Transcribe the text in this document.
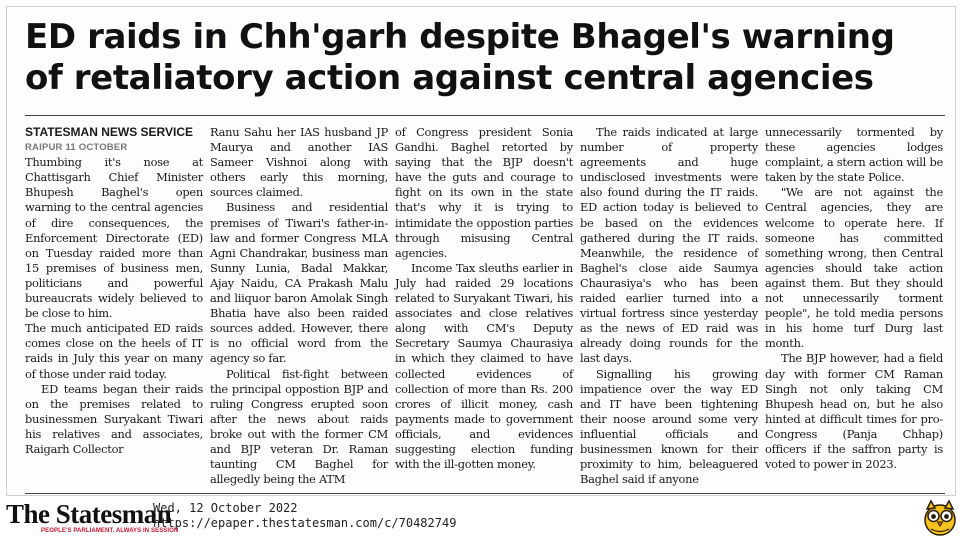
ED raids in Chh'garh despite Bhagel's warning
of retaliatory action against central agencies

STATESMAN NEWS SERVICE

RAIPUR 11 OCTOBER

Thumbing it's nose at Chattisgarh Chief Minister Bhupesh Baghel's open warning to the central agencies of dire consequences, the Enforcement Directorate (ED) on Tuesday raided more than 15 premises of business men, politicians and powerful bureaucrats widely believed to be close to him.

The much anticipated ED raids comes close on the heels of IT raids in July this year on many of those under raid today.

ED teams began their raids on the premises related to businessmen Suryakant Tiwari his relatives and associates, Raigarh Collector

Ranu Sahu her IAS husband JP Maurya and another IAS Sameer Vishnoi along with others early this morning, sources claimed.

Business and residential premises of Tiwari's father-in-law and former Congress MLA Agni Chandrakar, business man Sunny Lunia, Badal Makkar, Ajay Naidu, CA Prakash Malu and liiquor baron Amolak Singh Bhatia have also been raided sources added. However, there is no official word from the agency so far.

Political fist-fight between the principal oppostion BJP and ruling Congress erupted soon after the news about raids broke out with the former CM and BJP veteran Dr. Raman taunting CM Baghel for allegedly being the ATM

of Congress president Sonia Gandhi. Baghel retorted by saying that the BJP doesn't have the guts and courage to fight on its own in the state that's why it is trying to intimidate the oppostion parties through misusing Central agencies.

Income Tax sleuths earlier in July had raided 29 locations related to Suryakant Tiwari, his associates and close relatives along with CM's Deputy Secretary Saumya Chaurasiya in which they claimed to have collected evidences of collection of more than Rs. 200 crores of illicit money, cash payments made to government officials, and evidences suggesting election funding with the ill-gotten money.

The raids indicated at large number of property agreements and huge undisclosed investments were also found during the IT raids. ED action today is believed to be based on the evidences gathered during the IT raids. Meanwhile, the residence of Baghel's close aide Saumya Chaurasiya's who has been raided earlier turned into a virtual fortress since yesterday as the news of ED raid was already doing rounds for the last days.

Signalling his growing impatience over the way ED and IT have been tightening their noose around some very influential officials and businessmen known for their proximity to him, beleaguered Baghel said if anyone

unnecessarily tormented by these agencies lodges complaint, a stern action will be taken by the state Police.

"We are not against the Central agencies, they are welcome to operate here. If someone has committed something wrong, then Central agencies should take action against them. But they should not unnecessarily torment people", he told media persons in his home turf Durg last month.

The BJP however, had a field day with former CM Raman Singh not only taking CM Bhupesh head on, but he also hinted at difficult times for pro-Congress (Panja Chhap) officers if the saffron party is voted to power in 2023.

The Statesman
PEOPLE'S PARLIAMENT. ALWAYS IN SESSION
Wed, 12 October 2022
https://epaper.thestatesman.com/c/70482749
